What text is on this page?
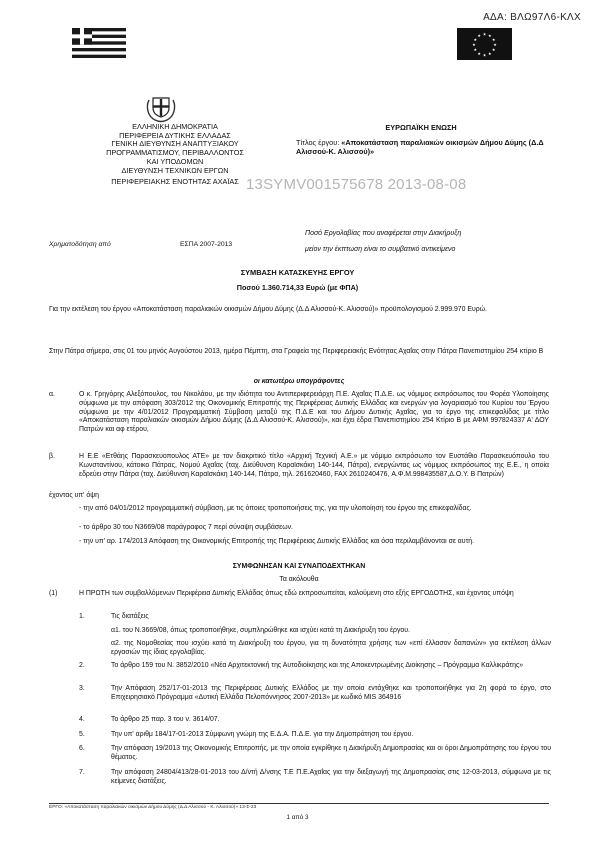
ΑΔΑ: ΒΛΩ97Λ6-ΚΛΧ
★ ★
★
★
★
★
★
★
★
★
★
★
ΕΛΛΗΝΙΚΗ ΔΗΜΟΚΡΑΤΙΑ
ΠΕΡΙΦΕΡΕΙΑ ΔΥΤΙΚΗΣ ΕΛΛΑΔΑΣ
ΓΕΝΙΚΗ ΔΙΕΥΘΥΝΣΗ ΑΝΑΠΤΥΞΙΑΚΟΥ
ΠΡΟΓΡΑΜΜΑΤΙΣΜΟΥ, ΠΕΡΙΒΑΛΛΟΝΤΟΣ
ΚΑΙ ΥΠΟΔΟΜΩΝ
ΔΙΕΥΘΥΝΣΗ ΤΕΧΝΙΚΩΝ ΕΡΓΩΝ
ΠΕΡΙΦΕΡΕΙΑΚΗΣ ΕΝΟΤΗΤΑΣ ΑΧΑΪΑΣ
ΕΥΡΩΠΑΪΚΗ ΕΝΩΣΗ
Τίτλος έργου: «Αποκατάσταση παραλιακών οικισμών Δήμου Δύμης (Δ.Δ Αλισσού-Κ. Αλισσού)»
13SYMV001575678 2013-08-08
Χρηματοδότηση από	ΕΣΠΑ 2007-2013
Ποσό Εργολαβίας που αναφέρεται στην Διακήρυξη
μείον την έκπτωση είναι το συμβατικό αντικείμενο
ΣΥΜΒΑΣΗ ΚΑΤΑΣΚΕΥΗΣ ΕΡΓΟΥ
Ποσού 1.360.714,33 Ευρώ (με ΦΠΑ)
Για την εκτέλεση του έργου «Αποκατάσταση παραλιακών οικισμών Δήμου Δύμης (Δ.Δ Αλισσού-Κ. Αλισσού)» προϋπολογισμού 2.999.970 Ευρώ.
Στην Πάτρα σήμερα, στις 01 του μηνός Αυγούστου 2013, ημέρα Πέμπτη, στα Γραφεία της Περιφερειακής Ενότητας Αχαΐας στην Πάτρα Πανεπιστημίου 254 κτίριο Β
οι κατωτέρω υπογράφοντες
α.	Ο κ. Γρηγόρης Αλεξόπουλος, του Νικολάου, με την ιδιότητα του Αντιπεριφερειάρχη Π.Ε. Αχαΐας Π.Δ.Ε. ως νόμιμος εκπρόσωπος του Φορέα Υλοποίησης σύμφωνα με την απόφαση 303/2012 της Οικονομικής Επιτροπής της Περιφέρειας Δυτικής Ελλάδας και ενεργών για λογαριασμό του Κυρίου του Έργου σύμφωνα με την 4/01/2012 Προγραμματική Σύμβαση μεταξύ της Π.Δ.Ε και του Δήμου Δυτικής Αχαΐας, για το έργο της επικεφαλίδας με τίτλο «Αποκατάσταση παραλιακών οικισμών Δήμου Δύμης (Δ.Δ Αλισσού-Κ. Αλισσού)», και έχει έδρα Πανεπιστημίου 254 Κτίριο Β με ΑΦΜ 997824337 Α' ΔΟΥ Πατρών και αφ ετέρου,
β.	Η Ε.Ε «Ετθάης Παρασκευοπουλος ΑΤΕ» με τον διακριτικό τίτλο «Αρχική Τεχνική Α.Ε.» με νόμιμο εκπρόσωπο τον Ευστάθιο Παρασκευόπουλο του Κωνσταντίνου, κάτοικο Πάτρας, Νομού Αχαΐας (ταχ. Διεύθυνση Καραϊσκάκη 140-144, Πάτρα), ενεργώντας ως νόμιμος εκπρόσωπος της Ε.Ε., η οποία εδρεύει στην Πάτρα (ταχ. Διεύθυνση Καραϊσκάκη 140-144, Πάτρα, τηλ. 261620460, FAX 2610240476, Α.Φ.Μ.998435587,Δ.Ο.Υ. Β Πατρών)
έχοντας υπ' όψη
- την από 04/01/2012 προγραμματική σύμβαση, με τις όποιες τροποποιήσεις της, για την υλοποίηση του έργου της επικεφαλίδας.
- το άρθρο 30 του Ν3669/08 παράγραφος 7 περί σύναψη συμβάσεων.
- την υπ' αρ. 174/2013 Απόφαση της Οικονομικής Επιτροπής της Περιφέρειας Δυτικής Ελλάδας και όσα περιλαμβάνονται σε αυτή.
ΣΥΜΦΩΝΗΣΑΝ ΚΑΙ ΣΥΝΑΠΟΔΕΧΤΗΚΑΝ
Τα ακόλουθα
(1)	Η ΠΡΩΤΗ των συμβαλλόμενων Περιφέρεια Δυτικής Ελλάδας όπως εδώ εκπροσωπείται, καλούμενη στο εξής ΕΡΓΟΔΟΤΗΣ, και έχοντας υπόψη
1.	Τις διατάξεις
α1. του Ν.3669/08, όπως τροποποιήθηκε, συμπληρώθηκε και ισχύει κατά τη Διακήρυξη του έργου.
α2. της Νομοθεσίας που ισχύει κατά τη Διακήρυξη του έργου, για τη δυνατότητα χρήσης των «επί έλλασον δαπανών» για εκτέλεση άλλων εργασιών της ίδιας εργολαβίας.
2.	Το άρθρο 159 του Ν. 3852/2010 «Νέα Αρχιτεκτονική της Αυτοδιοίκησης και της Αποκεντρωμένης Διοίκησης – Πρόγραμμα Καλλικράτης»
3.	Την Απόφαση 252/17-01-2013 της Περιφέρειας Δυτικής Ελλάδος με την οποία εντάχθηκε και τροποποιήθηκε για 2η φορά το έργο, στο Επιχειρησιακό Πρόγραμμα «Δυτική Ελλάδα Πελοπόννησος 2007-2013» με κωδικό MIS 364916
4.	Το άρθρο 25 παρ. 3 του ν. 3614/07.
5.	Την υπ' αριθμ 184/17-01-2013 Σύμφωνη γνώμη της Ε.Δ.Α. Π.Δ.Ε. για την Δημοπράτηση του έργου.
6.	Την απόφαση 19/2013 της Οικονομικής Επιτροπής, με την οποία εγκρίθηκε η Διακήρυξη Δημοπρασίας και οι όροι Δημοπράτησης του έργου του θέματος.
7.	Την απόφαση 24804/413/28-01-2013 του Δ/ντή Δ/νσης Τ.Ε Π.Ε.Αχαΐας για την διεξαγωγή της Δημοπρασίας στις 12-03-2013, σύμφωνα με τις κείμενες διατάξεις.
ΕΡΓΟ: «Αποκατάσταση παραλιακών οικισμών Δήμου Δύμης (Δ.Δ Αλισσού - Κ. Αλισσού)» 13-Σ-23
1 από 3
